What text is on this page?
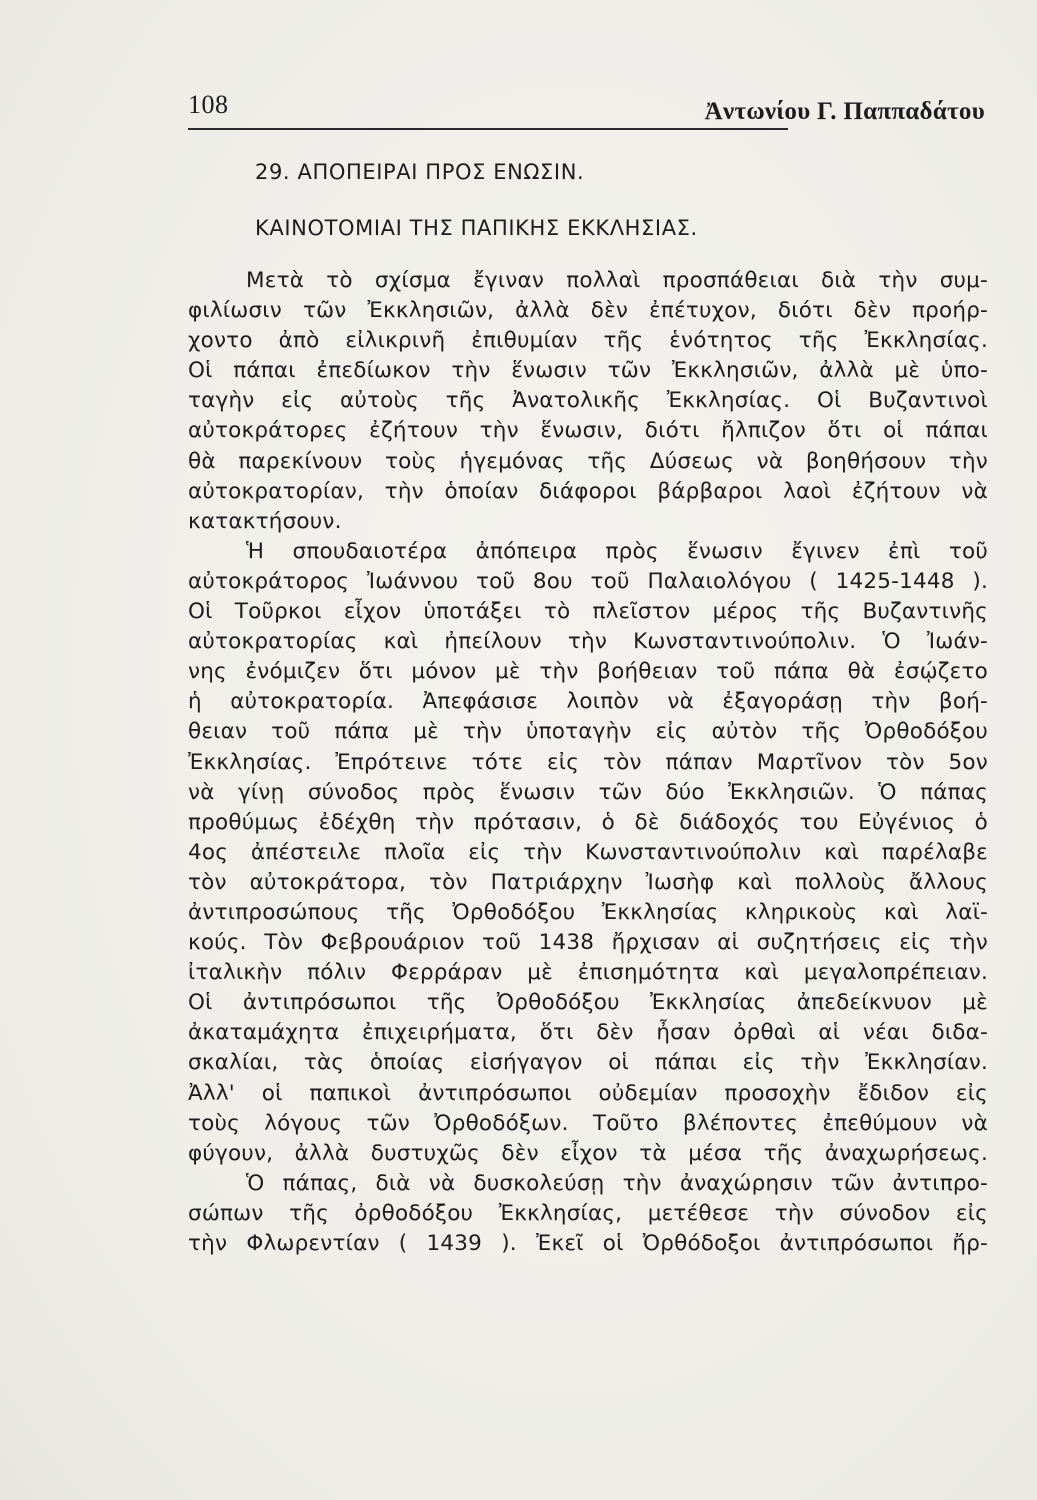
108	Ἀντωνίου Γ. Παππαδάτου
29. ΑΠΟΠΕΙΡΑΙ ΠΡΟΣ ΕΝΩΣΙΝ.
ΚΑΙΝΟΤΟΜΙΑΙ ΤΗΣ ΠΑΠΙΚΗΣ ΕΚΚΛΗΣΙΑΣ.
Μετὰ τὸ σχίσμα ἔγιναν πολλαὶ προσπάθειαι διὰ τὴν συμ-
φιλίωσιν τῶν Ἐκκλησιῶν, ἀλλὰ δὲν ἐπέτυχον, διότι δὲν προήρ-
χοντο ἀπὸ εἰλικρινῆ ἐπιθυμίαν τῆς ἑνότητος τῆς Ἐκκλησίας.
Οἱ πάπαι ἐπεδίωκον τὴν ἕνωσιν τῶν Ἐκκλησιῶν, ἀλλὰ μὲ ὑπο-
ταγὴν εἰς αὐτοὺς τῆς Ἀνατολικῆς Ἐκκλησίας. Οἱ Βυζαντινοὶ
αὐτοκράτορες ἐζήτουν τὴν ἕνωσιν, διότι ἤλπιζον ὅτι οἱ πάπαι
θὰ παρεκίνουν τοὺς ἡγεμόνας τῆς Δύσεως νὰ βοηθήσουν τὴν
αὐτοκρατορίαν, τὴν ὁποίαν διάφοροι βάρβαροι λαοὶ ἐζήτουν νὰ
κατακτήσουν.
Ἡ σπουδαιοτέρα ἀπόπειρα πρὸς ἕνωσιν ἔγινεν ἐπὶ τοῦ
αὐτοκράτορος Ἰωάννου τοῦ 8ου τοῦ Παλαιολόγου ( 1425-1448 ).
Οἱ Τοῦρκοι εἶχον ὑποτάξει τὸ πλεῖστον μέρος τῆς Βυζαντινῆς
αὐτοκρατορίας καὶ ἠπείλουν τὴν Κωνσταντινούπολιν. Ὁ Ἰωάν-
νης ἐνόμιζεν ὅτι μόνον μὲ τὴν βοήθειαν τοῦ πάπα θὰ ἐσῴζετο
ἡ αὐτοκρατορία. Ἀπεφάσισε λοιπὸν νὰ ἐξαγοράσῃ τὴν βοή-
θειαν τοῦ πάπα μὲ τὴν ὑποταγὴν εἰς αὐτὸν τῆς Ὀρθοδόξου
Ἐκκλησίας. Ἐπρότεινε τότε εἰς τὸν πάπαν Μαρτῖνον τὸν 5ον
νὰ γίνῃ σύνοδος πρὸς ἕνωσιν τῶν δύο Ἐκκλησιῶν. Ὁ πάπας
προθύμως ἐδέχθη τὴν πρότασιν, ὁ δὲ διάδοχός του Εὐγένιος ὁ
4ος ἀπέστειλε πλοῖα εἰς τὴν Κωνσταντινούπολιν καὶ παρέλαβε
τὸν αὐτοκράτορα, τὸν Πατριάρχην Ἰωσὴφ καὶ πολλοὺς ἄλλους
ἀντιπροσώπους τῆς Ὀρθοδόξου Ἐκκλησίας κληρικοὺς καὶ λαϊ-
κούς. Τὸν Φεβρουάριον τοῦ 1438 ἤρχισαν αἱ συζητήσεις εἰς τὴν
ἰταλικὴν πόλιν Φερράραν μὲ ἐπισημότητα καὶ μεγαλοπρέπειαν.
Οἱ ἀντιπρόσωποι τῆς Ὀρθοδόξου Ἐκκλησίας ἀπεδείκνυον μὲ
ἀκαταμάχητα ἐπιχειρήματα, ὅτι δὲν ἦσαν ὀρθαὶ αἱ νέαι διδα-
σκαλίαι, τὰς ὁποίας εἰσήγαγον οἱ πάπαι εἰς τὴν Ἐκκλησίαν.
Ἀλλ' οἱ παπικοὶ ἀντιπρόσωποι οὐδεμίαν προσοχὴν ἔδιδον εἰς
τοὺς λόγους τῶν Ὀρθοδόξων. Τοῦτο βλέποντες ἐπεθύμουν νὰ
φύγουν, ἀλλὰ δυστυχῶς δὲν εἶχον τὰ μέσα τῆς ἀναχωρήσεως.
Ὁ πάπας, διὰ νὰ δυσκολεύσῃ τὴν ἀναχώρησιν τῶν ἀντιπρο-
σώπων τῆς ὀρθοδόξου Ἐκκλησίας, μετέθεσε τὴν σύνοδον εἰς
τὴν Φλωρεντίαν ( 1439 ). Ἐκεῖ οἱ Ὀρθόδοξοι ἀντιπρόσωποι ἤρ-
